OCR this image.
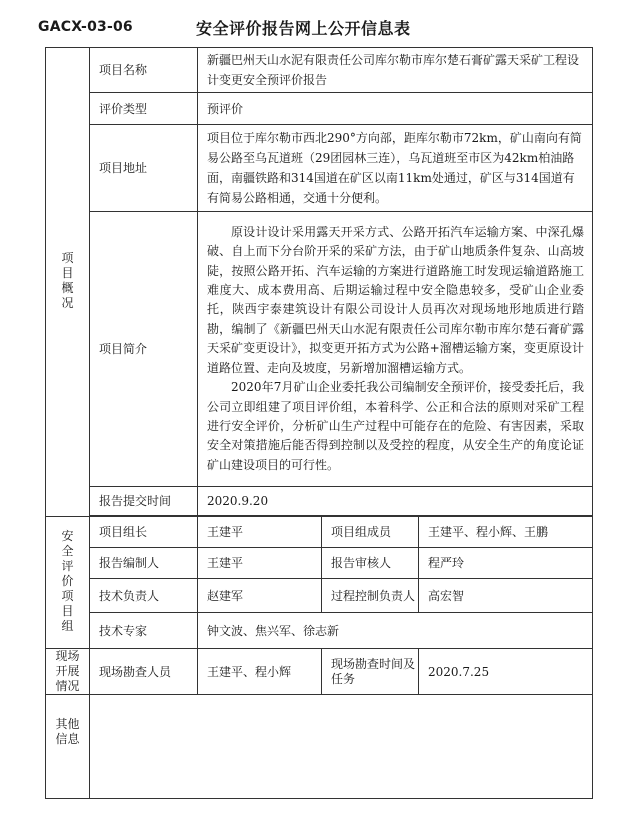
GACX-03-06	安全评价报告网上公开信息表
项目概况	项目名称	新疆巴州天山水泥有限责任公司库尔勒市库尔楚石膏矿露天采矿工程设计变更安全预评价报告		
	评价类型	预评价		
	项目地址	项目位于库尔勒市西北290°方向部，距库尔勒市72km，矿山南向有简易公路至乌瓦道班（29团园林三连），乌瓦道班至市区为42km柏油路面，南疆铁路和314国道在矿区以南11km处通过，矿区与314国道有有简易公路相通，交通十分便利。		
	项目简介	原设计设计采用露天开采方式、公路开拓汽车运输方案、中深孔爆破、自上而下分台阶开采的采矿方法，由于矿山地质条件复杂、山高坡陡，按照公路开拓、汽车运输的方案进行道路施工时发现运输道路施工难度大、成本费用高、后期运输过程中安全隐患较多，受矿山企业委托，陕西宇泰建筑设计有限公司设计人员再次对现场地形地质进行踏勘，编制了《新疆巴州天山水泥有限责任公司库尔勒市库尔楚石膏矿露天采矿变更设计》，拟变更开拓方式为公路+溜槽运输方案，变更原设计道路位置、走向及坡度，另新增加溜槽运输方式。

2020年7月矿山企业委托我公司编制安全预评价，接受委托后，我公司立即组建了项目评价组，本着科学、公正和合法的原则对采矿工程进行安全评价，分析矿山生产过程中可能存在的危险、有害因素，采取安全对策措施后能否得到控制以及受控的程度，从安全生产的角度论证矿山建设项目的可行性。		

	报告提交时间	2020.9.20		

安全评价项目组	项目组长	王建平	项目组成员	王建平、程小辉、王鹏
	报告编制人	王建平	报告审核人	程严玲
	技术负责人	赵建军	过程控制负责人	高宏智
	技术专家	钟文波、焦兴军、徐志新		
现场开展情况	现场勘查人员	王建平、程小辉	现场勘查时间及任务	2020.7.25
其他信息				
